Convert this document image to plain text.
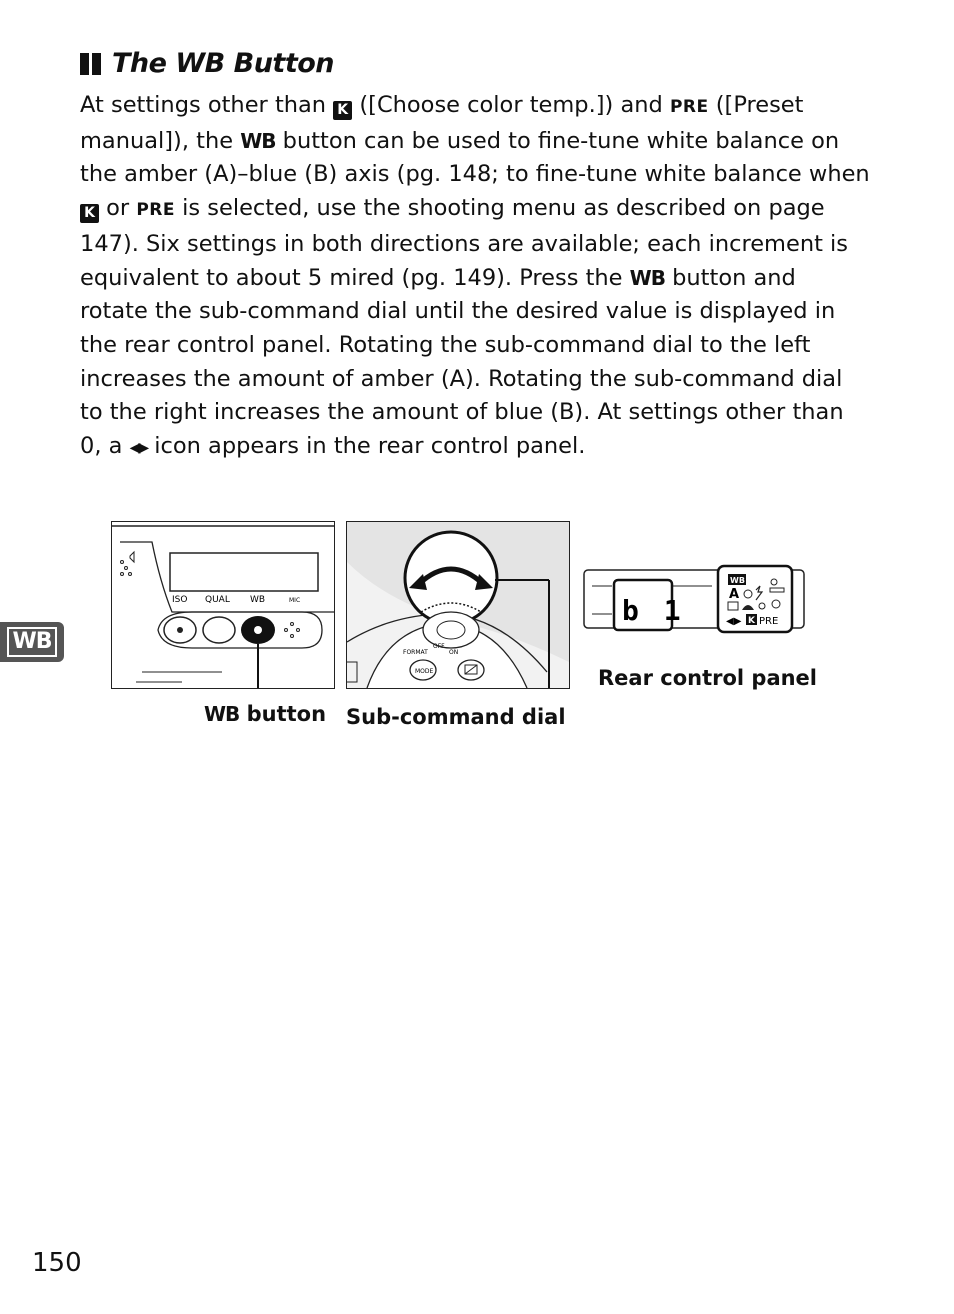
The WB Button

At settings other than K ([Choose color temp.]) and PRE ([Preset manual]), the WB button can be used to fine-tune white balance on the amber (A)–blue (B) axis (pg. 148; to fine-tune white balance when K or PRE is selected, use the shooting menu as described on page 147). Six settings in both directions are available; each increment is equivalent to about 5 mired (pg. 149). Press the WB button and rotate the sub-command dial until the desired value is displayed in the rear control panel. Rotating the sub-command dial to the left increases the amount of amber (A). Rotating the sub-command dial to the right increases the amount of blue (B). At settings other than 0, a ◀▶ icon appears in the rear control panel.

ISO QUAL WB	MIC
FORMAT
OFF
ON
MODE
b 1
WB
A
◀▶ K PRE
WB button Sub-command dial
Rear control panel
WB
150
